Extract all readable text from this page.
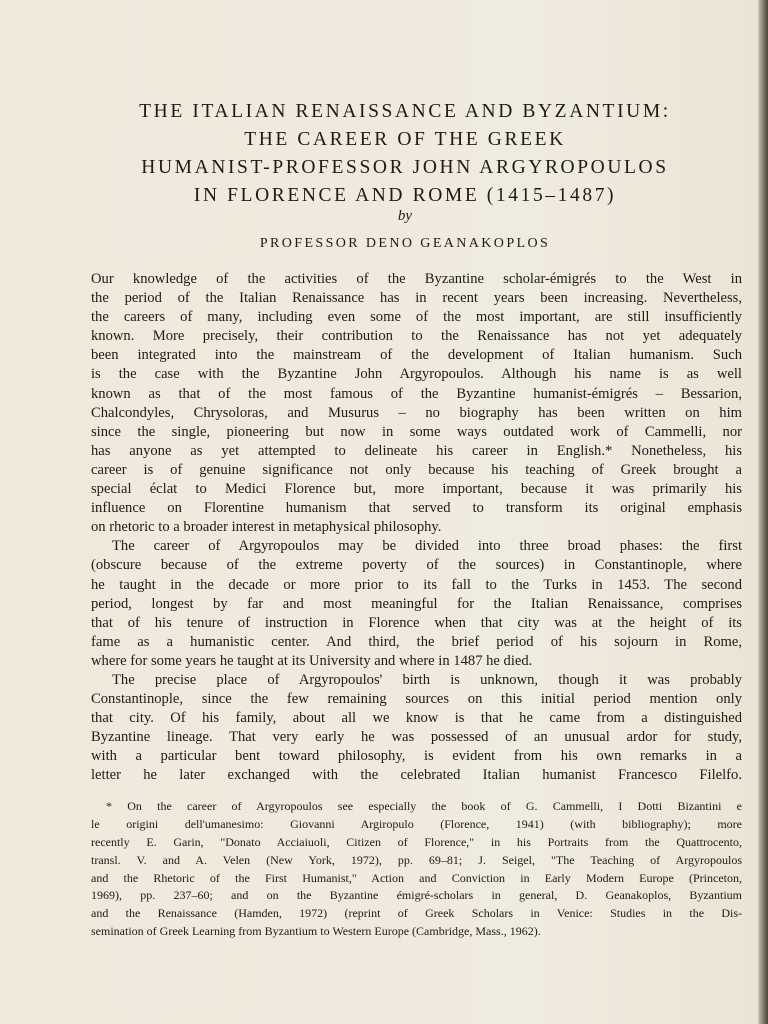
THE ITALIAN RENAISSANCE AND BYZANTIUM:
THE CAREER OF THE GREEK
HUMANIST-PROFESSOR JOHN ARGYROPOULOS
IN FLORENCE AND ROME (1415–1487)
by
PROFESSOR DENO GEANAKOPLOS
Our knowledge of the activities of the Byzantine scholar-émigrés to the West in
the period of the Italian Renaissance has in recent years been increasing. Nevertheless,
the careers of many, including even some of the most important, are still insufficiently
known. More precisely, their contribution to the Renaissance has not yet adequately
been integrated into the mainstream of the development of Italian humanism. Such
is the case with the Byzantine John Argyropoulos. Although his name is as well
known as that of the most famous of the Byzantine humanist-émigrés – Bessarion,
Chalcondyles, Chrysoloras, and Musurus – no biography has been written on him
since the single, pioneering but now in some ways outdated work of Cammelli, nor
has anyone as yet attempted to delineate his career in English.* Nonetheless, his
career is of genuine significance not only because his teaching of Greek brought a
special éclat to Medici Florence but, more important, because it was primarily his
influence on Florentine humanism that served to transform its original emphasis
on rhetoric to a broader interest in metaphysical philosophy.
The career of Argyropoulos may be divided into three broad phases: the first
(obscure because of the extreme poverty of the sources) in Constantinople, where
he taught in the decade or more prior to its fall to the Turks in 1453. The second
period, longest by far and most meaningful for the Italian Renaissance, comprises
that of his tenure of instruction in Florence when that city was at the height of its
fame as a humanistic center. And third, the brief period of his sojourn in Rome,
where for some years he taught at its University and where in 1487 he died.
The precise place of Argyropoulos' birth is unknown, though it was probably
Constantinople, since the few remaining sources on this initial period mention only
that city. Of his family, about all we know is that he came from a distinguished
Byzantine lineage. That very early he was possessed of an unusual ardor for study,
with a particular bent toward philosophy, is evident from his own remarks in a
letter he later exchanged with the celebrated Italian humanist Francesco Filelfo.
* On the career of Argyropoulos see especially the book of G. Cammelli, I Dotti Bizantini e
le origini dell'umanesimo: Giovanni Argiropulo (Florence, 1941) (with bibliography); more
recently E. Garin, "Donato Acciaiuoli, Citizen of Florence," in his Portraits from the Quattrocento,
transl. V. and A. Velen (New York, 1972), pp. 69–81; J. Seigel, "The Teaching of Argyropoulos
and the Rhetoric of the First Humanist," Action and Conviction in Early Modern Europe (Princeton,
1969), pp. 237–60; and on the Byzantine émigré-scholars in general, D. Geanakoplos, Byzantium
and the Renaissance (Hamden, 1972) (reprint of Greek Scholars in Venice: Studies in the Dis-
semination of Greek Learning from Byzantium to Western Europe (Cambridge, Mass., 1962).
